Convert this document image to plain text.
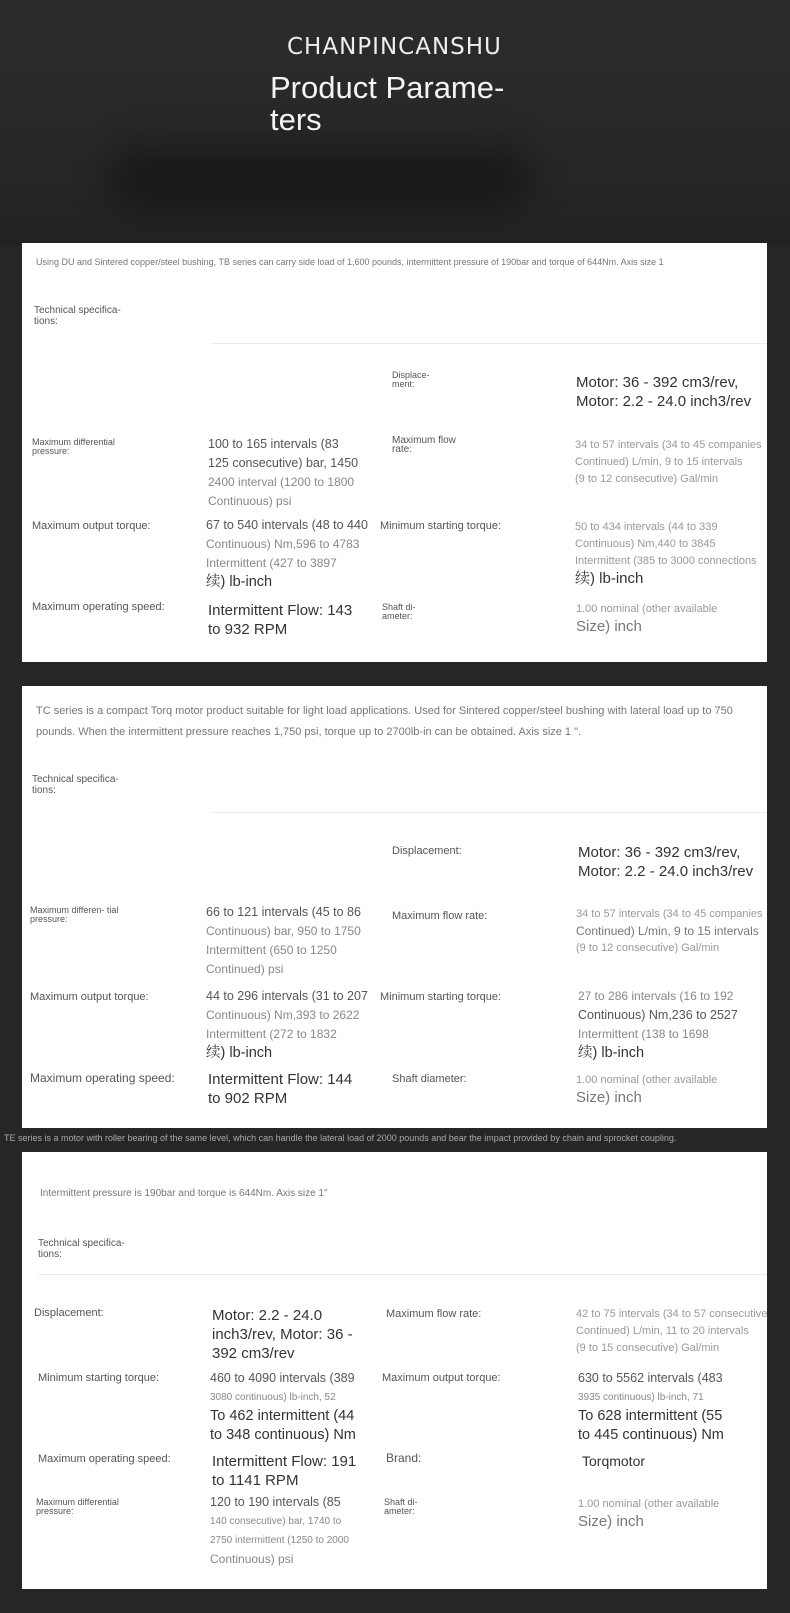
CHANPINCANSHU
Product Parame- ters
Using DU and Sintered copper/steel bushing, TB series can carry side load of 1,600 pounds, intermittent pressure of 190bar and torque of 644Nm. Axis size 1
Technical specifica- tions:
Displace- ment:	Motor: 36 - 392 cm3/rev, Motor: 2.2 - 24.0 inch3/rev
Maximum differential pressure:	100 to 165 intervals (83
125 consecutive) bar, 1450
2400 interval (1200 to 1800
Continuous) psi
Maximum flow rate:	34 to 57 intervals (34 to 45 companies
Continued) L/min, 9 to 15 intervals
(9 to 12 consecutive) Gal/min
Maximum output torque:	67 to 540 intervals (48 to 440
Continuous) Nm,596 to 4783
Intermittent (427 to 3897
续) lb-inch
Minimum starting torque:	50 to 434 intervals (44 to 339
Continuous) Nm,440 to 3845
Intermittent (385 to 3000 connections
续) lb-inch
Maximum operating speed:	Intermittent Flow: 143 to 932 RPM
Shaft di- ameter:
1.00 nominal (other available
Size) inch
TC series is a compact Torq motor product suitable for light load applications. Used for Sintered copper/steel bushing with lateral load up to 750 pounds. When the intermittent pressure reaches 1,750 psi, torque up to 2700lb-in can be obtained. Axis size 1 ".
Technical specifica- tions:
Displacement:	Motor: 36 - 392 cm3/rev, Motor: 2.2 - 24.0 inch3/rev
Maximum differen- tial pressure:	66 to 121 intervals (45 to 86
Continuous) bar, 950 to 1750
Intermittent (650 to 1250
Continued) psi
Maximum flow rate:	34 to 57 intervals (34 to 45 companies
Continued) L/min, 9 to 15 intervals
(9 to 12 consecutive) Gal/min
Maximum output torque:	44 to 296 intervals (31 to 207
Continuous) Nm,393 to 2622
Intermittent (272 to 1832
续) lb-inch
Minimum starting torque:	27 to 286 intervals (16 to 192
Continuous) Nm,236 to 2527
Intermittent (138 to 1698
续) lb-inch
Maximum operating speed:	Intermittent Flow: 144 to 902 RPM
Shaft diameter:	1.00 nominal (other available
Size) inch
Intermittent pressure is 190bar and torque is 644Nm. Axis size 1"
Technical specifica- tions:
Displacement:	Motor: 2.2 - 24.0 inch3/rev, Motor: 36 - 392 cm3/rev
Maximum flow rate:	42 to 75 intervals (34 to 57 consecutive
Continued) L/min, 11 to 20 intervals
(9 to 15 consecutive) Gal/min
Minimum starting torque:	460 to 4090 intervals (389
3080 continuous) lb-inch, 52
To 462 intermittent (44
to 348 continuous) Nm
Maximum output torque:	630 to 5562 intervals (483
3935 continuous) lb-inch, 71
To 628 intermittent (55
to 445 continuous) Nm
Maximum operating speed:	Intermittent Flow: 191 to 1141 RPM
Brand:	Torqmotor
Maximum differential pressure:
120 to 190 intervals (85
140 consecutive) bar, 1740 to
2750 intermittent (1250 to 2000
Continuous) psi
Shaft di- ameter:
1.00 nominal (other available
Size) inch
TE series is a motor with roller bearing of the same level, which can handle the lateral load of 2000 pounds and bear the impact provided by chain and sprocket coupling.
